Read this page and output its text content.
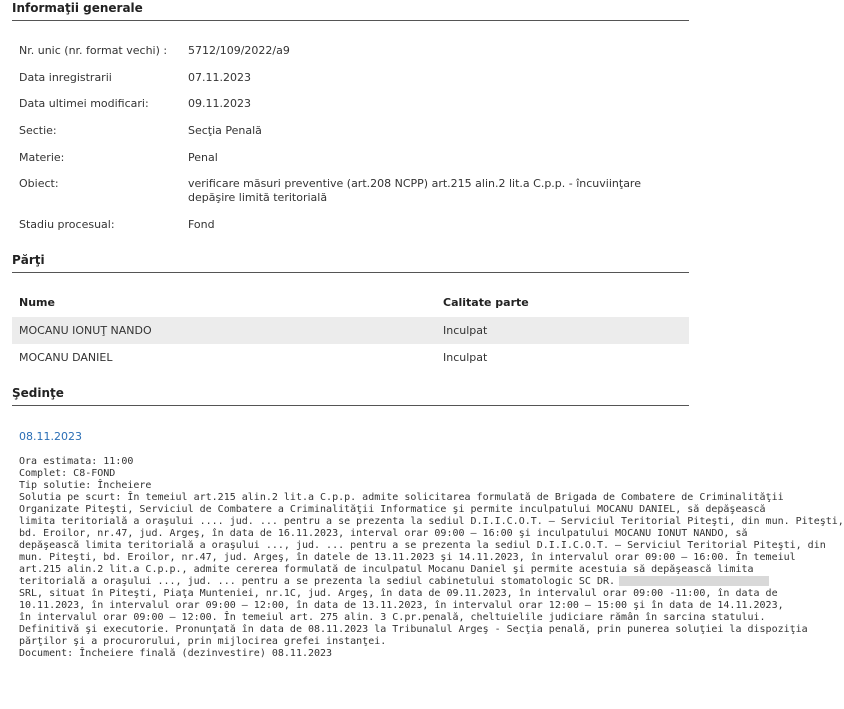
Informaţii generale
Nr. unic (nr. format vechi) :	5712/109/2022/a9
Data inregistrarii	07.11.2023
Data ultimei modificari:	09.11.2023
Sectie:	Secţia Penală
Materie:	Penal
Obiect:	verificare măsuri preventive (art.208 NCPP) art.215 alin.2 lit.a C.p.p. - încuviinţare depăşire limită teritorială
Stadiu procesual:	Fond
Părţi
Nume	Calitate parte
MOCANU IONUŢ NANDO	Inculpat
MOCANU DANIEL	Inculpat
Şedinţe
08.11.2023
Ora estimata: 11:00
Complet: C8-FOND
Tip solutie: Încheiere
Solutia pe scurt: În temeiul art.215 alin.2 lit.a C.p.p. admite solicitarea formulată de Brigada de Combatere de Criminalităţii
Organizate Piteşti, Serviciul de Combatere a Criminalităţii Informatice şi permite inculpatului MOCANU DANIEL, să depăşească
limita teritorială a oraşului .... jud. ... pentru a se prezenta la sediul D.I.I.C.O.T. – Serviciul Teritorial Piteşti, din mun. Piteşti,
bd. Eroilor, nr.47, jud. Argeş, în data de 16.11.2023, interval orar 09:00 – 16:00 şi inculpatului MOCANU IONUT NANDO, să
depăşească limita teritorială a oraşului ..., jud. ... pentru a se prezenta la sediul D.I.I.C.O.T. – Serviciul Teritorial Piteşti, din
mun. Piteşti, bd. Eroilor, nr.47, jud. Argeş, în datele de 13.11.2023 şi 14.11.2023, în intervalul orar 09:00 – 16:00. În temeiul
art.215 alin.2 lit.a C.p.p., admite cererea formulată de inculpatul Mocanu Daniel şi permite acestuia să depăşească limita
teritorială a oraşului ..., jud. ... pentru a se prezenta la sediul cabinetului stomatologic SC DR.
SRL, situat în Piteşti, Piaţa Munteniei, nr.1C, jud. Argeş, în data de 09.11.2023, în intervalul orar 09:00 -11:00, în data de
10.11.2023, în intervalul orar 09:00 – 12:00, în data de 13.11.2023, în intervalul orar 12:00 – 15:00 şi în data de 14.11.2023,
în intervalul orar 09:00 – 12:00. În temeiul art. 275 alin. 3 C.pr.penală, cheltuielile judiciare rămân în sarcina statului.
Definitivă şi executorie. Pronunţată în data de 08.11.2023 la Tribunalul Argeş - Secţia penală, prin punerea soluţiei la dispoziţia
părţilor şi a procurorului, prin mijlocirea grefei instanţei.
Document: Încheiere finală (dezinvestire) 08.11.2023
